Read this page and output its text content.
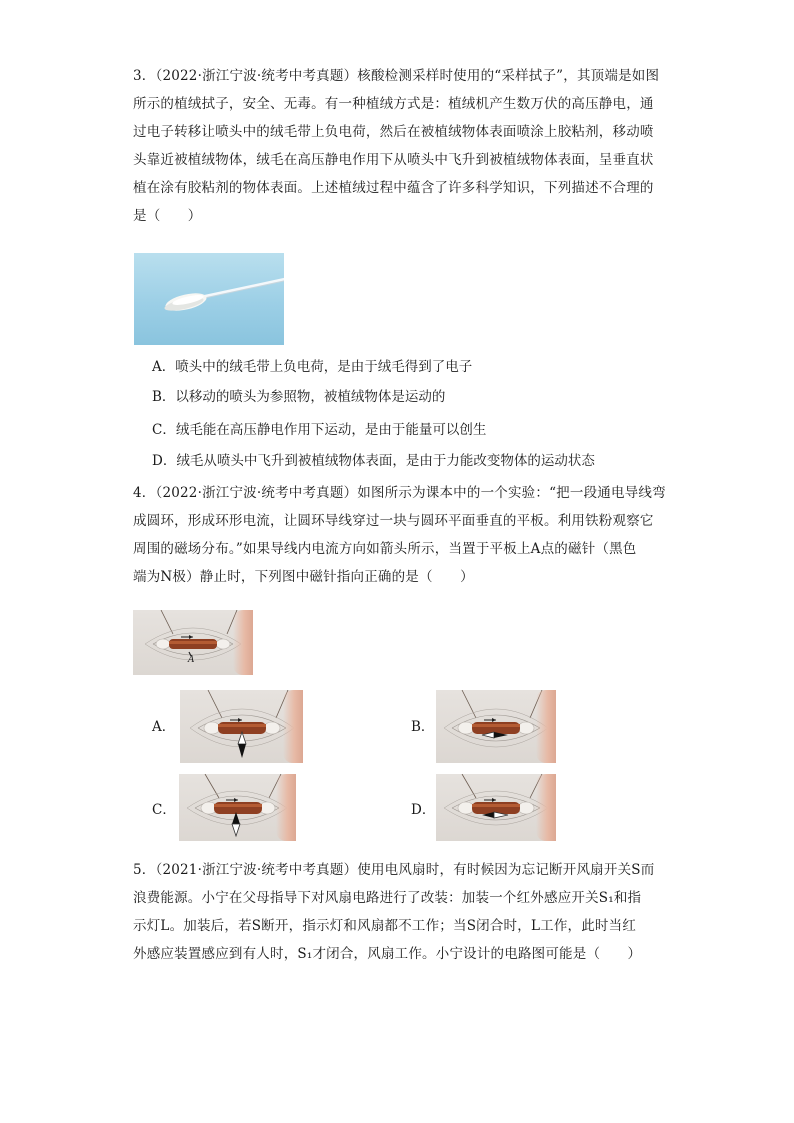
3．（2022·浙江宁波·统考中考真题）核酸检测采样时使用的“采样拭子”，其顶端是如图

所示的植绒拭子，安全、无毒。有一种植绒方式是：植绒机产生数万伏的高压静电，通

过电子转移让喷头中的绒毛带上负电荷，然后在被植绒物体表面喷涂上胶粘剂，移动喷

头靠近被植绒物体，绒毛在高压静电作用下从喷头中飞升到被植绒物体表面，呈垂直状

植在涂有胶粘剂的物体表面。上述植绒过程中蕴含了许多科学知识，下列描述不合理的

是（　　）

A．喷头中的绒毛带上负电荷，是由于绒毛得到了电子
B．以移动的喷头为参照物，被植绒物体是运动的
C．绒毛能在高压静电作用下运动，是由于能量可以创生
D．绒毛从喷头中飞升到被植绒物体表面，是由于力能改变物体的运动状态

4．（2022·浙江宁波·统考中考真题）如图所示为课本中的一个实验：“把一段通电导线弯

成圆环，形成环形电流，让圆环导线穿过一块与圆环平面垂直的平板。利用铁粉观察它

周围的磁场分布。”如果导线内电流方向如箭头所示，当置于平板上A点的磁针（黑色

端为N极）静止时，下列图中磁针指向正确的是（　　）

A
A．	B．
C．	D．

5．（2021·浙江宁波·统考中考真题）使用电风扇时，有时候因为忘记断开风扇开关S而

浪费能源。小宁在父母指导下对风扇电路进行了改装：加装一个红外感应开关S₁和指

示灯L。加装后，若S断开，指示灯和风扇都不工作；当S闭合时，L工作，此时当红

外感应装置感应到有人时，S₁才闭合，风扇工作。小宁设计的电路图可能是（　　）
